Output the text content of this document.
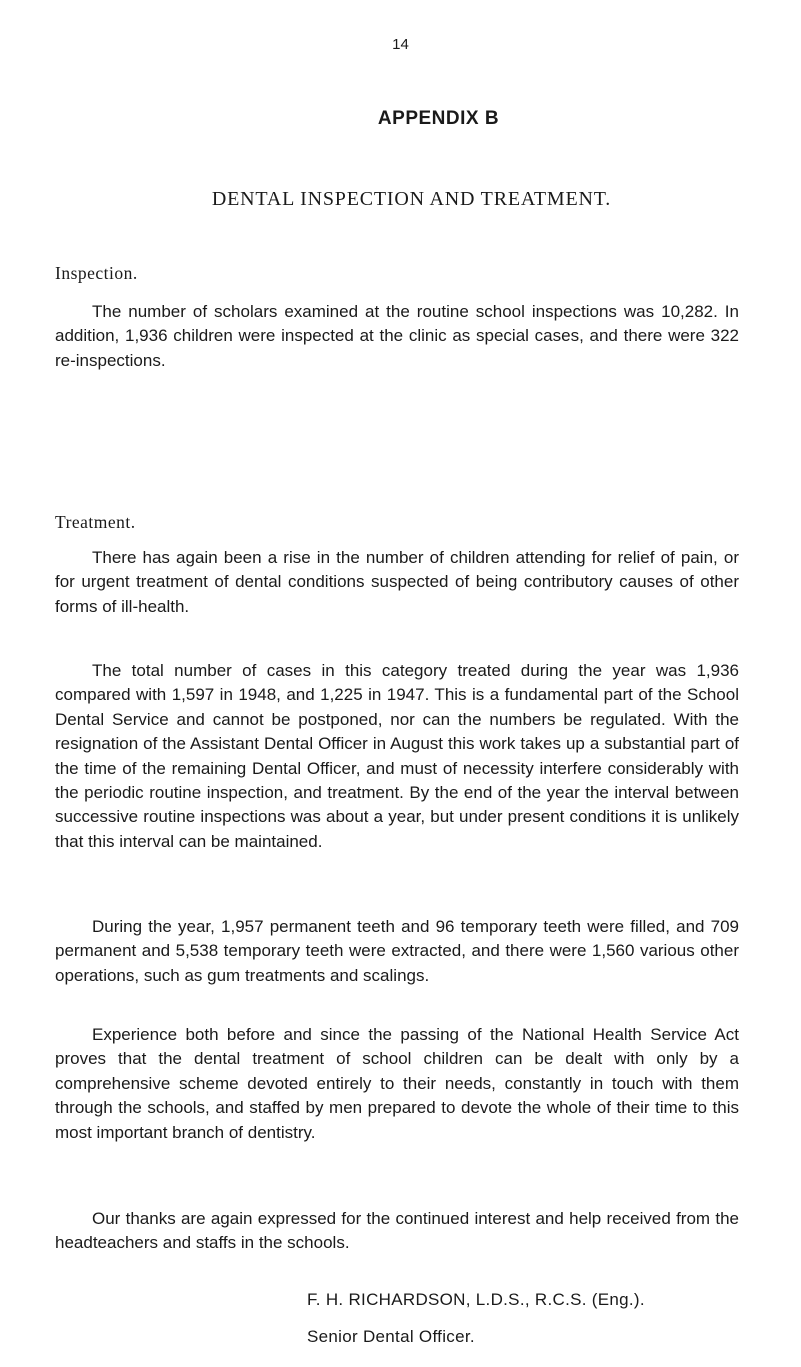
14
APPENDIX B
DENTAL INSPECTION AND TREATMENT.
Inspection.

The number of scholars examined at the routine school inspections was 10,282. In addition, 1,936 children were inspected at the clinic as special cases, and there were 322 re-inspections.

Treatment.

There has again been a rise in the number of children attending for relief of pain, or for urgent treatment of dental conditions suspected of being contributory causes of other forms of ill-health.

The total number of cases in this category treated during the year was 1,936 compared with 1,597 in 1948, and 1,225 in 1947. This is a fundamental part of the School Dental Service and cannot be postponed, nor can the numbers be regulated. With the resignation of the Assistant Dental Officer in August this work takes up a substantial part of the time of the remaining Dental Officer, and must of necessity interfere considerably with the periodic routine inspection, and treatment. By the end of the year the interval between successive routine inspections was about a year, but under present conditions it is unlikely that this interval can be maintained.

During the year, 1,957 permanent teeth and 96 temporary teeth were filled, and 709 permanent and 5,538 temporary teeth were extracted, and there were 1,560 various other operations, such as gum treatments and scalings.

Experience both before and since the passing of the National Health Service Act proves that the dental treatment of school children can be dealt with only by a comprehensive scheme devoted entirely to their needs, constantly in touch with them through the schools, and staffed by men prepared to devote the whole of their time to this most important branch of dentistry.

Our thanks are again expressed for the continued interest and help received from the headteachers and staffs in the schools.

F. H. RICHARDSON, L.D.S., R.C.S. (Eng.).
Senior Dental Officer.
